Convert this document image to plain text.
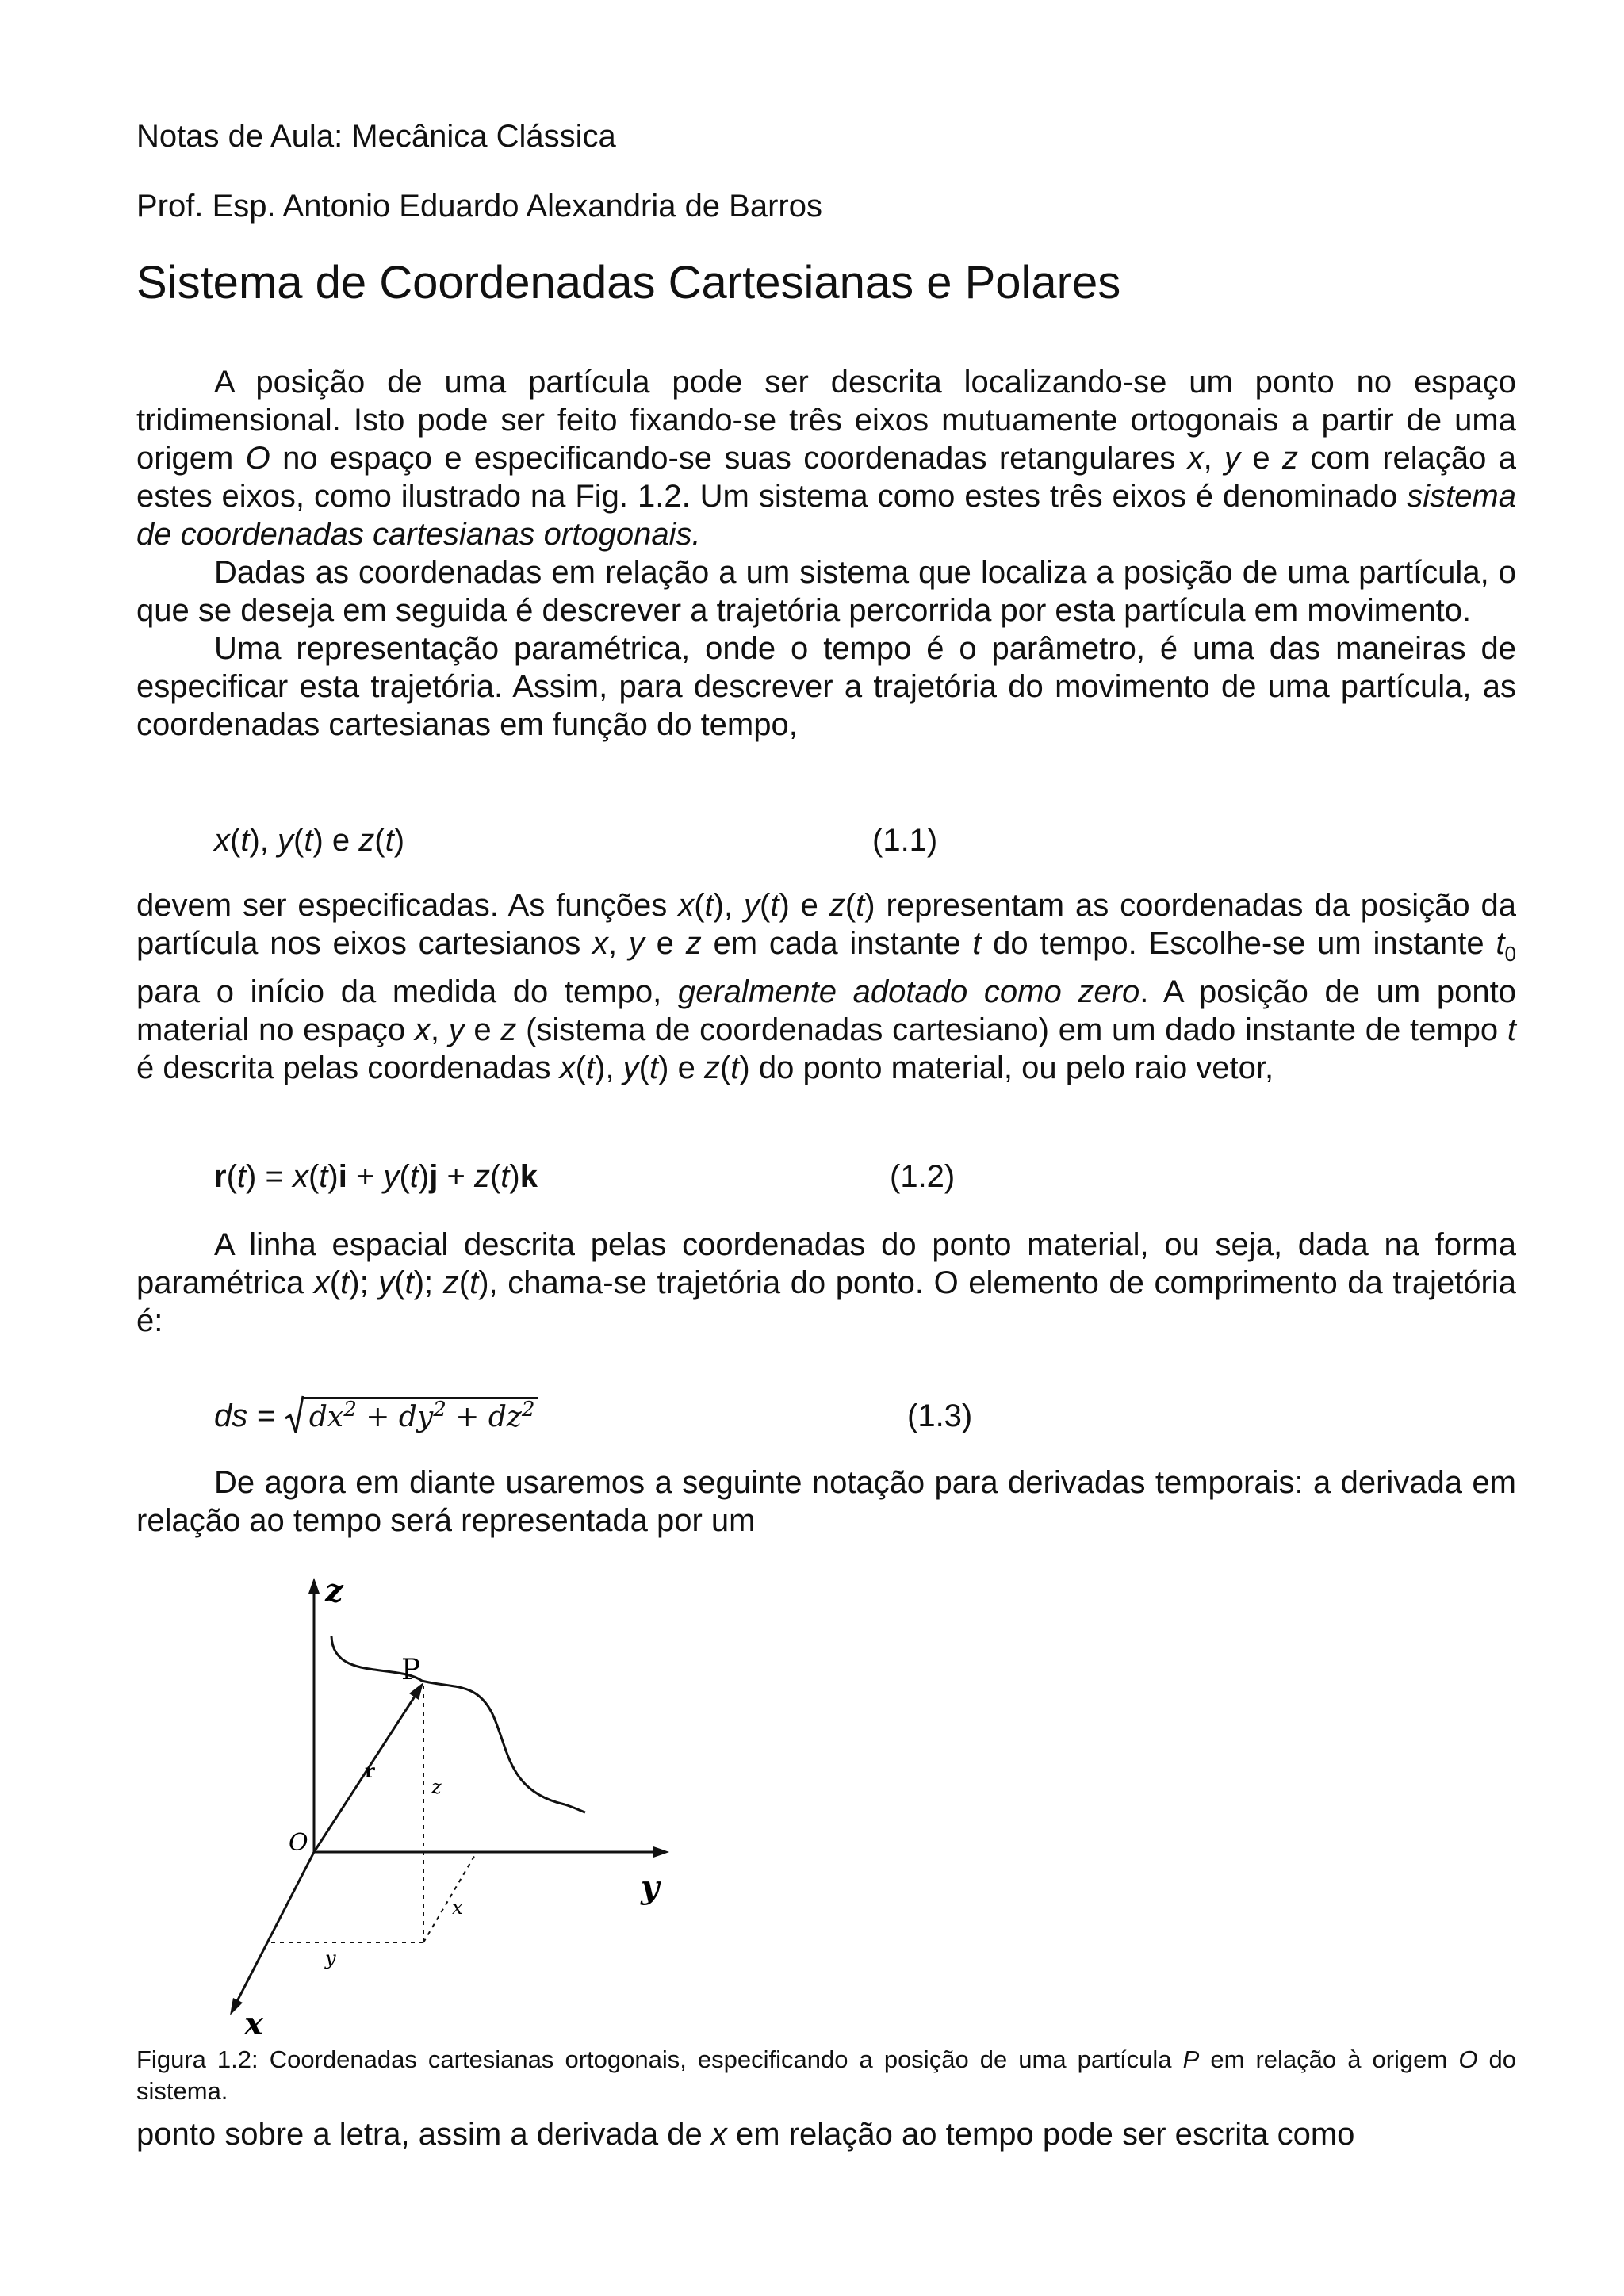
Notas de Aula: Mecânica Clássica
Prof. Esp. Antonio Eduardo Alexandria de Barros
Sistema de Coordenadas Cartesianas e Polares

A posição de uma partícula pode ser descrita localizando-se um ponto no espaço tridimensional. Isto pode ser feito fixando-se três eixos mutuamente ortogonais a partir de uma origem O no espaço e especificando-se suas coordenadas retangulares x, y e z com relação a estes eixos, como ilustrado na Fig. 1.2. Um sistema como estes três eixos é denominado sistema de coordenadas cartesianas ortogonais.

Dadas as coordenadas em relação a um sistema que localiza a posição de uma partícula, o que se deseja em seguida é descrever a trajetória percorrida por esta partícula em movimento.

Uma representação paramétrica, onde o tempo é o parâmetro, é uma das maneiras de especificar esta trajetória. Assim, para descrever a trajetória do movimento de uma partícula, as coordenadas cartesianas em função do tempo,

x(t), y(t) e z(t)	(1.1)

devem ser especificadas. As funções x(t), y(t) e z(t) representam as coordenadas da posição da partícula nos eixos cartesianos x, y e z em cada instante t do tempo. Escolhe-se um instante $t_0$ para o início da medida do tempo, geralmente adotado como zero. A posição de um ponto material no espaço x, y e z (sistema de coordenadas cartesiano) em um dado instante de tempo t é descrita pelas coordenadas x(t), y(t) e z(t) do ponto material, ou pelo raio vetor,

r(t) = x(t)i + y(t)j + z(t)k	(1.2)

A linha espacial descrita pelas coordenadas do ponto material, ou seja, dada na forma paramétrica x(t); y(t); z(t), chama-se trajetória do ponto. O elemento de comprimento da trajetória é:

ds = $dx^2 + dy^2 + dz^2$	(1.3)

De agora em diante usaremos a seguinte notação para derivadas temporais: a derivada em relação ao tempo será representada por um

z
y
x
O
P
r
z
x
y

Figura 1.2: Coordenadas cartesianas ortogonais, especificando a posição de uma partícula P em relação à origem O do sistema.

ponto sobre a letra, assim a derivada de x em relação ao tempo pode ser escrita como
